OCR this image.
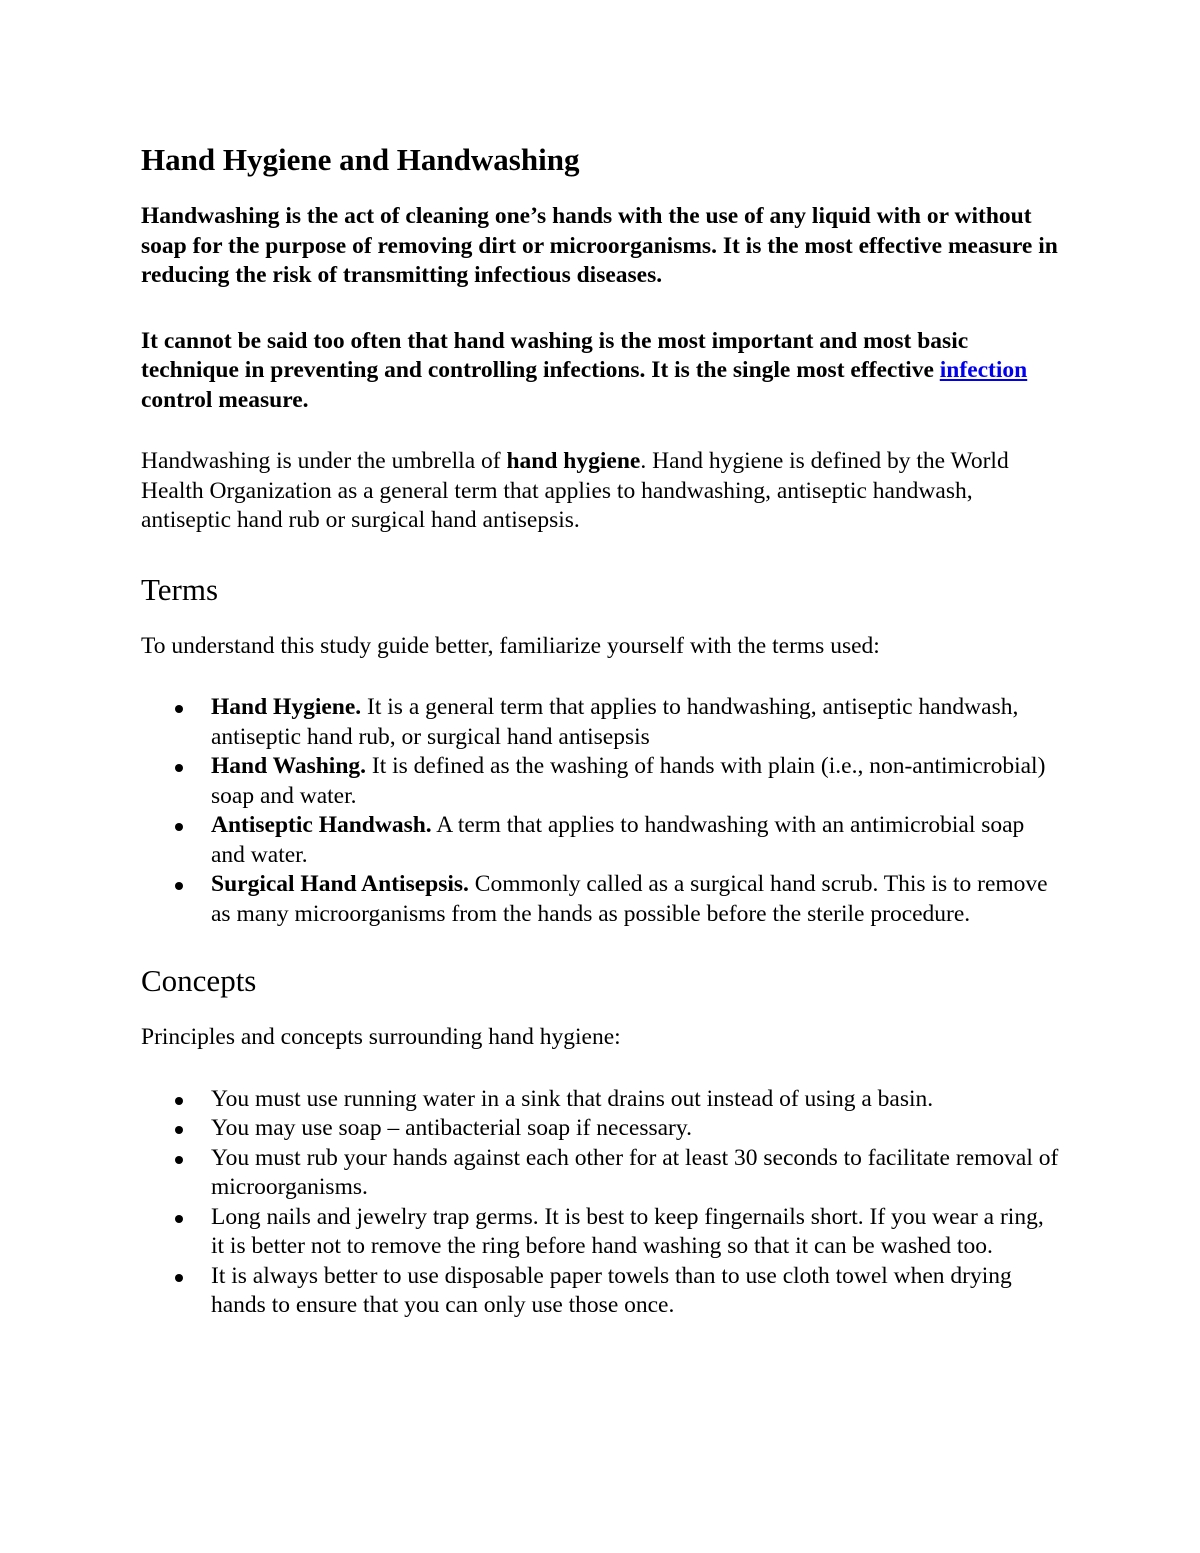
Hand Hygiene and Handwashing

Handwashing is the act of cleaning one’s hands with the use of any liquid with or without soap for the purpose of removing dirt or microorganisms. It is the most effective measure in reducing the risk of transmitting infectious diseases.

It cannot be said too often that hand washing is the most important and most basic technique in preventing and controlling infections. It is the single most effective infection control measure.

Handwashing is under the umbrella of hand hygiene. Hand hygiene is defined by the World Health Organization as a general term that applies to handwashing, antiseptic handwash, antiseptic hand rub or surgical hand antisepsis.

Terms

To understand this study guide better, familiarize yourself with the terms used:

Hand Hygiene. It is a general term that applies to handwashing, antiseptic handwash, antiseptic hand rub, or surgical hand antisepsis
Hand Washing. It is defined as the washing of hands with plain (i.e., non-antimicrobial) soap and water.
Antiseptic Handwash. A term that applies to handwashing with an antimicrobial soap and water.
Surgical Hand Antisepsis. Commonly called as a surgical hand scrub. This is to remove as many microorganisms from the hands as possible before the sterile procedure.
Concepts

Principles and concepts surrounding hand hygiene:

You must use running water in a sink that drains out instead of using a basin.
You may use soap – antibacterial soap if necessary.
You must rub your hands against each other for at least 30 seconds to facilitate removal of microorganisms.
Long nails and jewelry trap germs. It is best to keep fingernails short. If you wear a ring, it is better not to remove the ring before hand washing so that it can be washed too.
It is always better to use disposable paper towels than to use cloth towel when drying hands to ensure that you can only use those once.
